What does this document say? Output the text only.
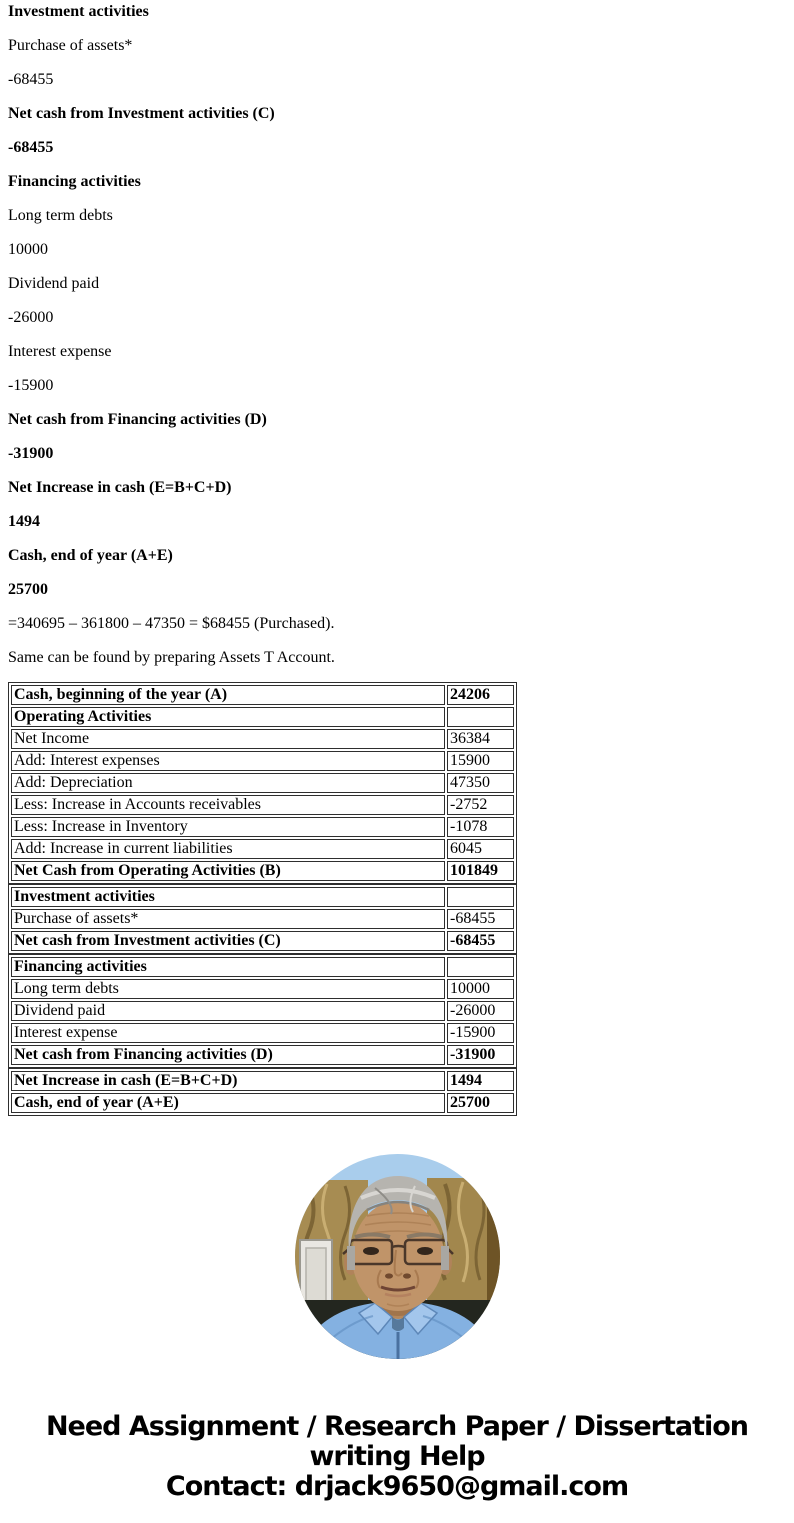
Investment activities

Purchase of assets*

-68455

Net cash from Investment activities (C)

-68455

Financing activities

Long term debts

10000

Dividend paid

-26000

Interest expense

-15900

Net cash from Financing activities (D)

-31900

Net Increase in cash (E=B+C+D)

1494

Cash, end of year (A+E)

25700

=340695 – 361800 – 47350 = $68455 (Purchased).

Same can be found by preparing Assets T Account.

Cash, beginning of the year (A)	24206
Operating Activities	
Net Income	36384
Add: Interest expenses	15900
Add: Depreciation	47350
Less: Increase in Accounts receivables	-2752
Less: Increase in Inventory	-1078
Add: Increase in current liabilities	6045
Net Cash from Operating Activities (B)	101849
Investment activities	
Purchase of assets*	-68455
Net cash from Investment activities (C)	-68455
Financing activities	
Long term debts	10000
Dividend paid	-26000
Interest expense	-15900
Net cash from Financing activities (D)	-31900
Net Increase in cash (E=B+C+D)	1494
Cash, end of year (A+E)	25700
Need Assignment / Research Paper / Dissertation
writing Help
Contact: drjack9650@gmail.com
